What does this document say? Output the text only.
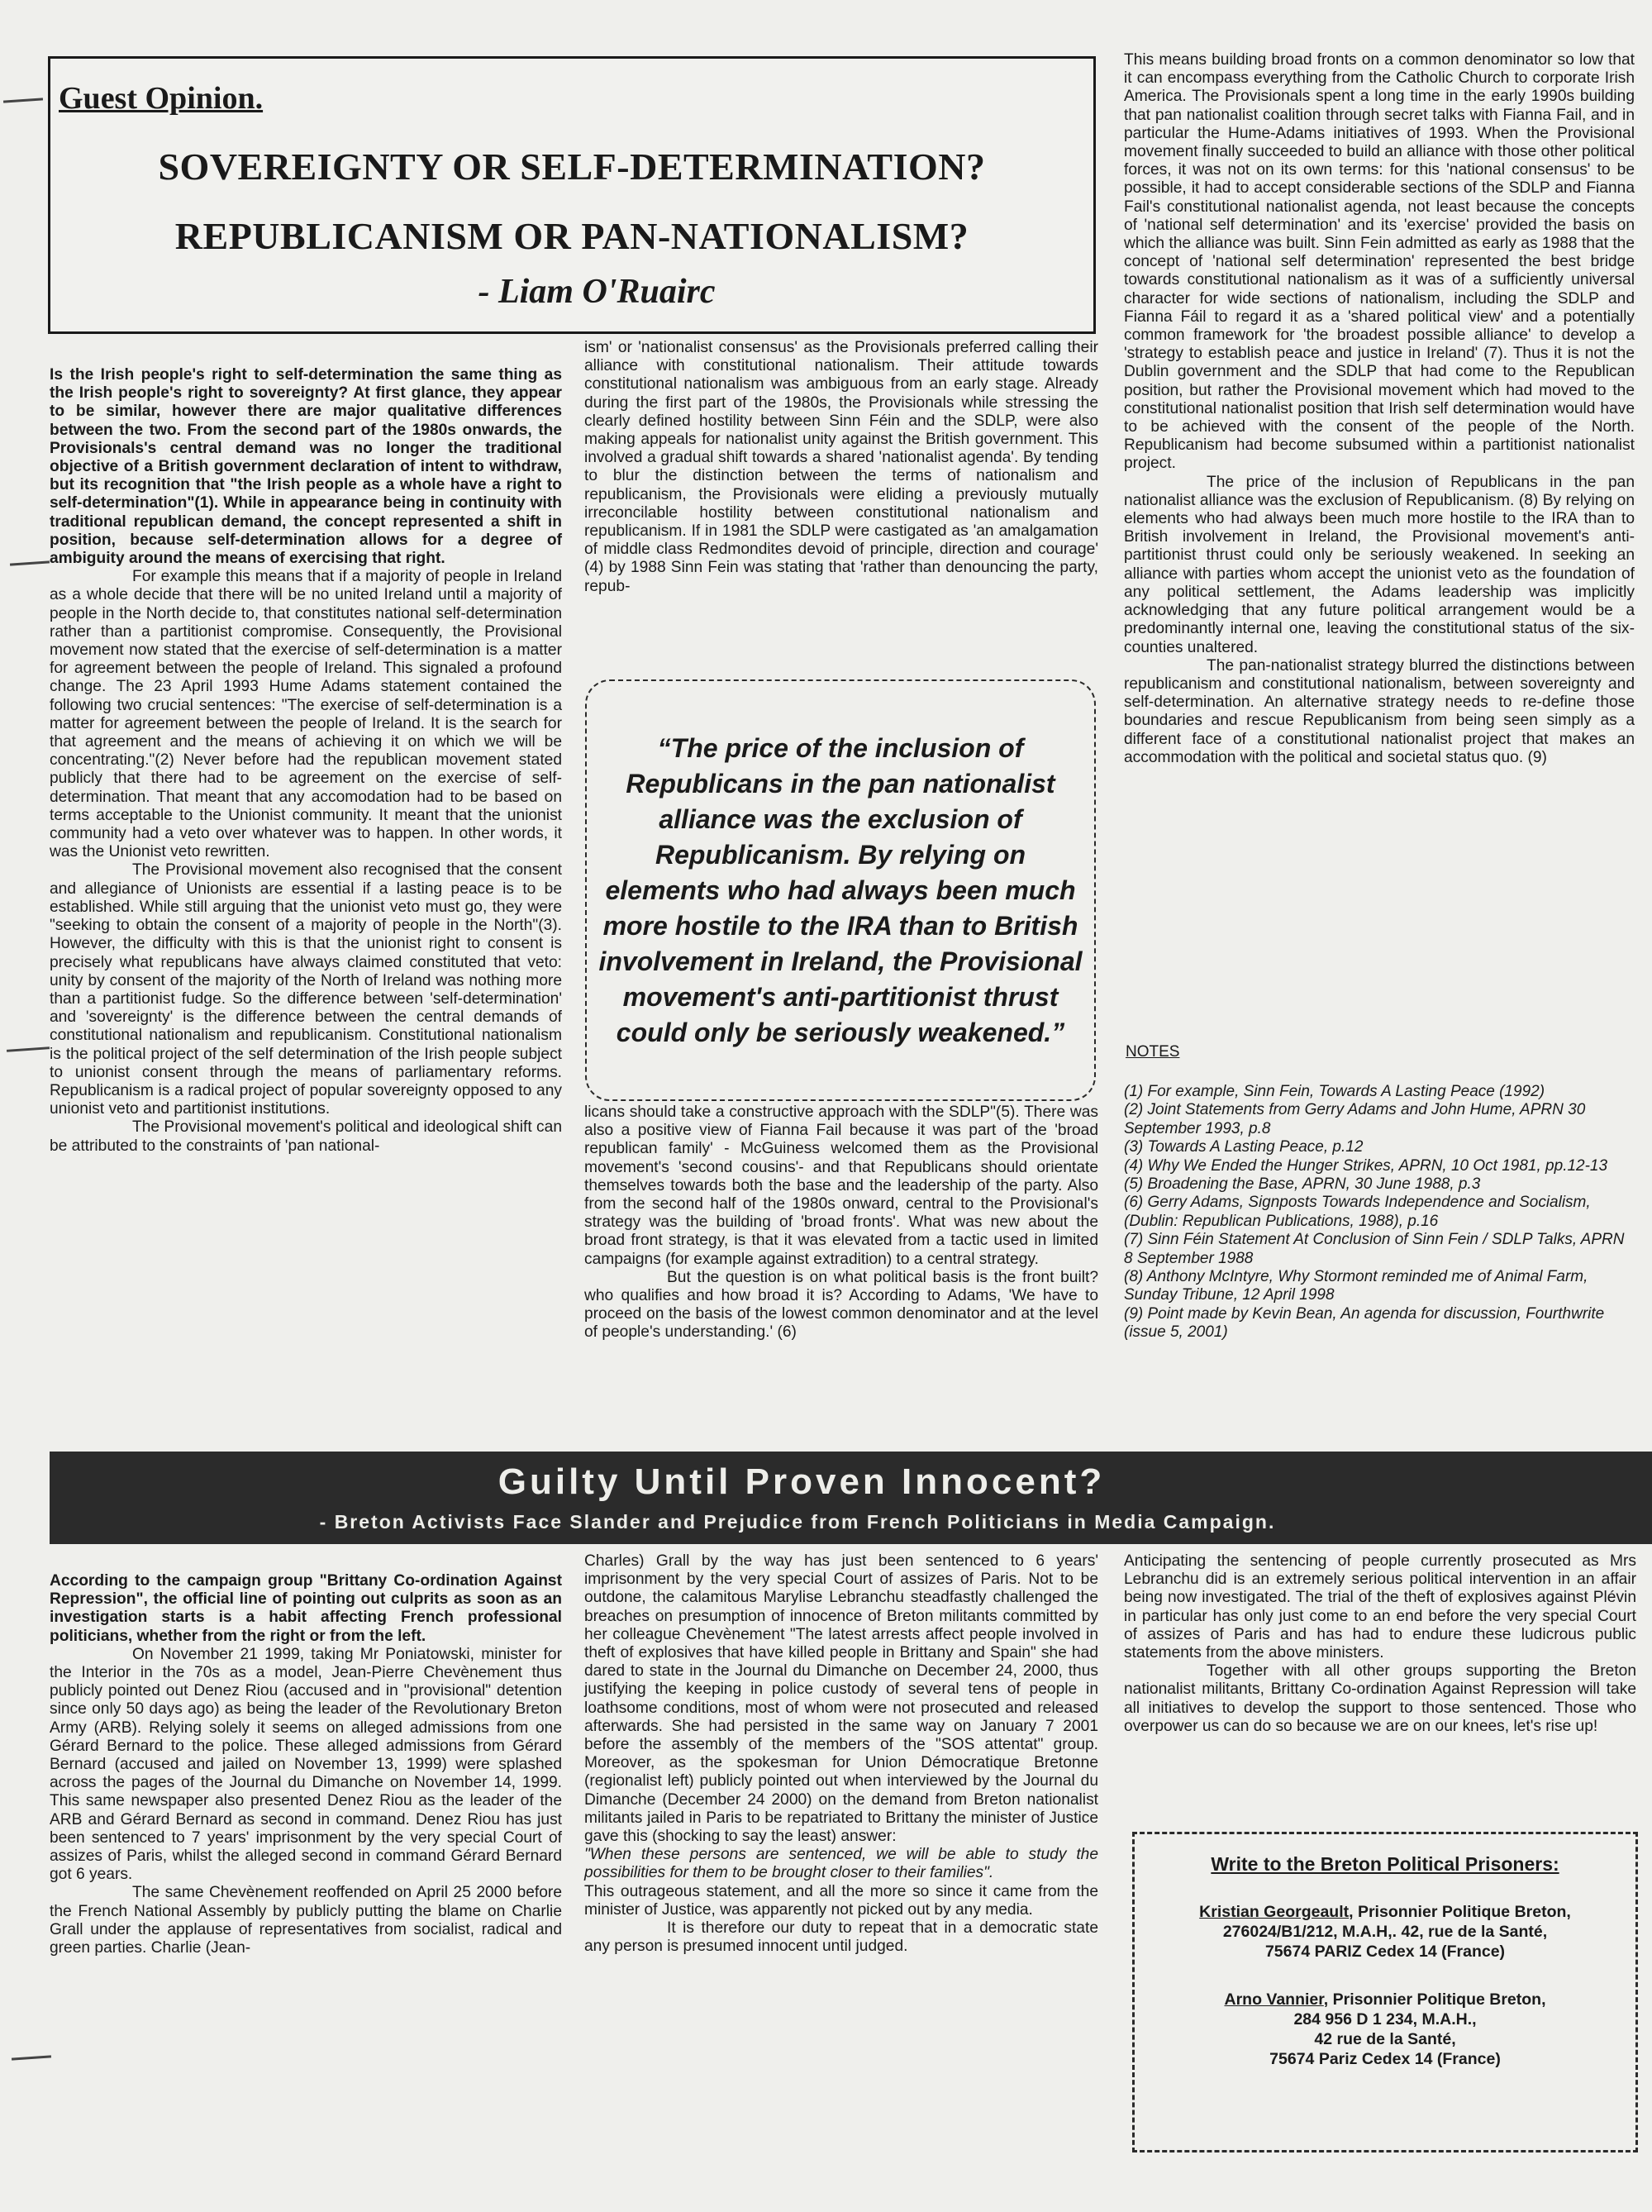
Guest Opinion.
SOVEREIGNTY OR SELF-DETERMINATION?
REPUBLICANISM OR PAN-NATIONALISM?
- Liam O'Ruairc

Is the Irish people's right to self-determination the same thing as the Irish people's right to sovereignty? At first glance, they appear to be similar, however there are major qualitative differences between the two. From the second part of the 1980s onwards, the Provisionals's central demand was no longer the traditional objective of a British government declaration of intent to withdraw, but its recognition that "the Irish people as a whole have a right to self-determination"(1). While in appearance being in continuity with traditional republican demand, the concept represented a shift in position, because self-determination allows for a degree of ambiguity around the means of exercising that right.

For example this means that if a majority of people in Ireland as a whole decide that there will be no united Ireland until a majority of people in the North decide to, that constitutes national self-determination rather than a partitionist compromise. Consequently, the Provisional movement now stated that the exercise of self-determination is a matter for agreement between the people of Ireland. This signaled a profound change. The 23 April 1993 Hume Adams statement contained the following two crucial sentences: "The exercise of self-determination is a matter for agreement between the people of Ireland. It is the search for that agreement and the means of achieving it on which we will be concentrating."(2) Never before had the republican movement stated publicly that there had to be agreement on the exercise of self-determination. That meant that any accomodation had to be based on terms acceptable to the Unionist community. It meant that the unionist community had a veto over whatever was to happen. In other words, it was the Unionist veto rewritten.

The Provisional movement also recognised that the consent and allegiance of Unionists are essential if a lasting peace is to be established. While still arguing that the unionist veto must go, they were "seeking to obtain the consent of a majority of people in the North"(3). However, the difficulty with this is that the unionist right to consent is precisely what republicans have always claimed constituted that veto: unity by consent of the majority of the North of Ireland was nothing more than a partitionist fudge. So the difference between 'self-determination' and 'sovereignty' is the difference between the central demands of constitutional nationalism and republicanism. Constitutional nationalism is the political project of the self determination of the Irish people subject to unionist consent through the means of parliamentary reforms. Republicanism is a radical project of popular sovereignty opposed to any unionist veto and partitionist institutions.

The Provisional movement's political and ideological shift can be attributed to the constraints of 'pan national-

ism' or 'nationalist consensus' as the Provisionals preferred calling their alliance with constitutional nationalism. Their attitude towards constitutional nationalism was ambiguous from an early stage. Already during the first part of the 1980s, the Provisionals while stressing the clearly defined hostility between Sinn Féin and the SDLP, were also making appeals for nationalist unity against the British government. This involved a gradual shift towards a shared 'nationalist agenda'. By tending to blur the distinction between the terms of nationalism and republicanism, the Provisionals were eliding a previously mutually irreconcilable hostility between constitutional nationalism and republicanism. If in 1981 the SDLP were castigated as 'an amalgamation of middle class Redmondites devoid of principle, direction and courage' (4) by 1988 Sinn Fein was stating that 'rather than denouncing the party, repub-

“The price of the inclusion of Republicans in the pan nationalist alliance was the exclusion of Republicanism. By relying on elements who had always been much more hostile to the IRA than to British involvement in Ireland, the Provisional movement's anti-partitionist thrust could only be seriously weakened.”

licans should take a constructive approach with the SDLP"(5). There was also a positive view of Fianna Fail because it was part of the 'broad republican family' - McGuiness welcomed them as the Provisional movement's 'second cousins'- and that Republicans should orientate themselves towards both the base and the leadership of the party. Also from the second half of the 1980s onward, central to the Provisional's strategy was the building of 'broad fronts'. What was new about the broad front strategy, is that it was elevated from a tactic used in limited campaigns (for example against extradition) to a central strategy.

But the question is on what political basis is the front built? who qualifies and how broad it is? According to Adams, 'We have to proceed on the basis of the lowest common denominator and at the level of people's understanding.' (6)

This means building broad fronts on a common denominator so low that it can encompass everything from the Catholic Church to corporate Irish America. The Provisionals spent a long time in the early 1990s building that pan nationalist coalition through secret talks with Fianna Fail, and in particular the Hume-Adams initiatives of 1993. When the Provisional movement finally succeeded to build an alliance with those other political forces, it was not on its own terms: for this 'national consensus' to be possible, it had to accept considerable sections of the SDLP and Fianna Fail's constitutional nationalist agenda, not least because the concepts of 'national self determination' and its 'exercise' provided the basis on which the alliance was built. Sinn Fein admitted as early as 1988 that the concept of 'national self determination' represented the best bridge towards constitutional nationalism as it was of a sufficiently universal character for wide sections of nationalism, including the SDLP and Fianna Fáil to regard it as a 'shared political view' and a potentially common framework for 'the broadest possible alliance' to develop a 'strategy to establish peace and justice in Ireland' (7). Thus it is not the Dublin government and the SDLP that had come to the Republican position, but rather the Provisional movement which had moved to the constitutional nationalist position that Irish self determination would have to be achieved with the consent of the people of the North. Republicanism had become subsumed within a partitionist nationalist project.

The price of the inclusion of Republicans in the pan nationalist alliance was the exclusion of Republicanism. (8) By relying on elements who had always been much more hostile to the IRA than to British involvement in Ireland, the Provisional movement's anti-partitionist thrust could only be seriously weakened. In seeking an alliance with parties whom accept the unionist veto as the foundation of any political settlement, the Adams leadership was implicitly acknowledging that any future political arrangement would be a predominantly internal one, leaving the constitutional status of the six-counties unaltered.

The pan-nationalist strategy blurred the distinctions between republicanism and constitutional nationalism, between sovereignty and self-determination. An alternative strategy needs to re-define those boundaries and rescue Republicanism from being seen simply as a different face of a constitutional nationalist project that makes an accommodation with the political and societal status quo. (9)

NOTES
(1) For example, Sinn Fein, Towards A Lasting Peace (1992)
(2) Joint Statements from Gerry Adams and John Hume, APRN 30 September 1993, p.8
(3) Towards A Lasting Peace, p.12
(4) Why We Ended the Hunger Strikes, APRN, 10 Oct 1981, pp.12-13
(5) Broadening the Base, APRN, 30 June 1988, p.3
(6) Gerry Adams, Signposts Towards Independence and Socialism, (Dublin: Republican Publications, 1988), p.16
(7) Sinn Féin Statement At Conclusion of Sinn Fein / SDLP Talks, APRN 8 September 1988
(8) Anthony McIntyre, Why Stormont reminded me of Animal Farm, Sunday Tribune, 12 April 1998
(9) Point made by Kevin Bean, An agenda for discussion, Fourthwrite (issue 5, 2001)
Guilty Until Proven Innocent?
- Breton Activists Face Slander and Prejudice from French Politicians in Media Campaign.

According to the campaign group "Brittany Co-ordination Against Repression", the official line of pointing out culprits as soon as an investigation starts is a habit affecting French professional politicians, whether from the right or from the left.

On November 21 1999, taking Mr Poniatowski, minister for the Interior in the 70s as a model, Jean-Pierre Chevènement thus publicly pointed out Denez Riou (accused and in "provisional" detention since only 50 days ago) as being the leader of the Revolutionary Breton Army (ARB). Relying solely it seems on alleged admissions from one Gérard Bernard to the police. These alleged admissions from Gérard Bernard (accused and jailed on November 13, 1999) were splashed across the pages of the Journal du Dimanche on November 14, 1999. This same newspaper also presented Denez Riou as the leader of the ARB and Gérard Bernard as second in command. Denez Riou has just been sentenced to 7 years' imprisonment by the very special Court of assizes of Paris, whilst the alleged second in command Gérard Bernard got 6 years.

The same Chevènement reoffended on April 25 2000 before the French National Assembly by publicly putting the blame on Charlie Grall under the applause of representatives from socialist, radical and green parties. Charlie (Jean-

Charles) Grall by the way has just been sentenced to 6 years' imprisonment by the very special Court of assizes of Paris. Not to be outdone, the calamitous Marylise Lebranchu steadfastly challenged the breaches on presumption of innocence of Breton militants committed by her colleague Chevènement "The latest arrests affect people involved in theft of explosives that have killed people in Brittany and Spain" she had dared to state in the Journal du Dimanche on December 24, 2000, thus justifying the keeping in police custody of several tens of people in loathsome conditions, most of whom were not prosecuted and released afterwards. She had persisted in the same way on January 7 2001 before the assembly of the members of the "SOS attentat" group. Moreover, as the spokesman for Union Démocratique Bretonne (regionalist left) publicly pointed out when interviewed by the Journal du Dimanche (December 24 2000) on the demand from Breton nationalist militants jailed in Paris to be repatriated to Brittany the minister of Justice gave this (shocking to say the least) answer:

"When these persons are sentenced, we will be able to study the possibilities for them to be brought closer to their families".

This outrageous statement, and all the more so since it came from the minister of Justice, was apparently not picked out by any media.

It is therefore our duty to repeat that in a democratic state any person is presumed innocent until judged.

Anticipating the sentencing of people currently prosecuted as Mrs Lebranchu did is an extremely serious political intervention in an affair being now investigated. The trial of the theft of explosives against Plévin in particular has only just come to an end before the very special Court of assizes of Paris and has had to endure these ludicrous public statements from the above ministers.

Together with all other groups supporting the Breton nationalist militants, Brittany Co-ordination Against Repression will take all initiatives to develop the support to those sentenced. Those who overpower us can do so because we are on our knees, let's rise up!

Write to the Breton Political Prisoners:
Kristian Georgeault, Prisonnier Politique Breton,
276024/B1/212, M.A.H,. 42, rue de la Santé,
75674 PARIZ Cedex 14 (France)
Arno Vannier, Prisonnier Politique Breton,
284 956 D 1 234, M.A.H.,
42 rue de la Santé,
75674 Pariz Cedex 14 (France)
